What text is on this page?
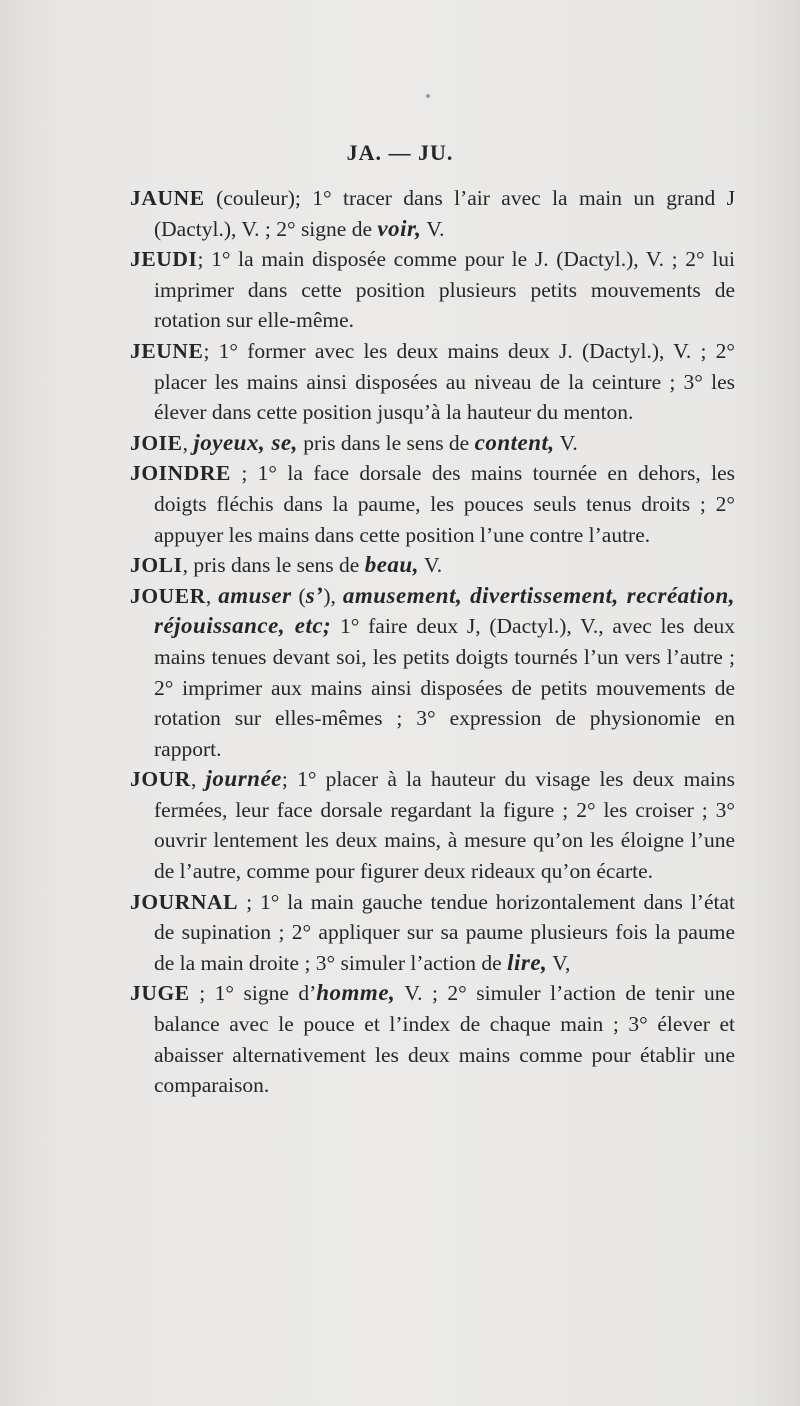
JA. — JU.

JAUNE (couleur); 1° tracer dans l’air avec la main un grand J (Dactyl.), V. ; 2° signe de voir, V.

JEUDI; 1° la main disposée comme pour le J. (Dactyl.), V. ; 2° lui imprimer dans cette position plusieurs petits mouvements de rotation sur elle-même.

JEUNE; 1° former avec les deux mains deux J. (Dactyl.), V. ; 2° placer les mains ainsi disposées au niveau de la ceinture ; 3° les élever dans cette position jusqu’à la hauteur du menton.

JOIE, joyeux, se, pris dans le sens de content, V.

JOINDRE ; 1° la face dorsale des mains tournée en dehors, les doigts fléchis dans la paume, les pouces seuls tenus droits ; 2° appuyer les mains dans cette position l’une contre l’autre.

JOLI, pris dans le sens de beau, V.

JOUER, amuser (s’), amusement, divertissement, recréation, réjouissance, etc; 1° faire deux J, (Dactyl.), V., avec les deux mains tenues devant soi, les petits doigts tournés l’un vers l’autre ; 2° imprimer aux mains ainsi disposées de petits mouvements de rotation sur elles-mêmes ; 3° expression de physionomie en rapport.

JOUR, journée; 1° placer à la hauteur du visage les deux mains fermées, leur face dorsale regardant la figure ; 2° les croiser ; 3° ouvrir lentement les deux mains, à mesure qu’on les éloigne l’une de l’autre, comme pour figurer deux rideaux qu’on écarte.

JOURNAL ; 1° la main gauche tendue horizontalement dans l’état de supination ; 2° appliquer sur sa paume plusieurs fois la paume de la main droite ; 3° simuler l’action de lire, V,

JUGE ; 1° signe d’homme, V. ; 2° simuler l’action de tenir une balance avec le pouce et l’index de chaque main ; 3° élever et abaisser alternativement les deux mains comme pour établir une comparaison.
